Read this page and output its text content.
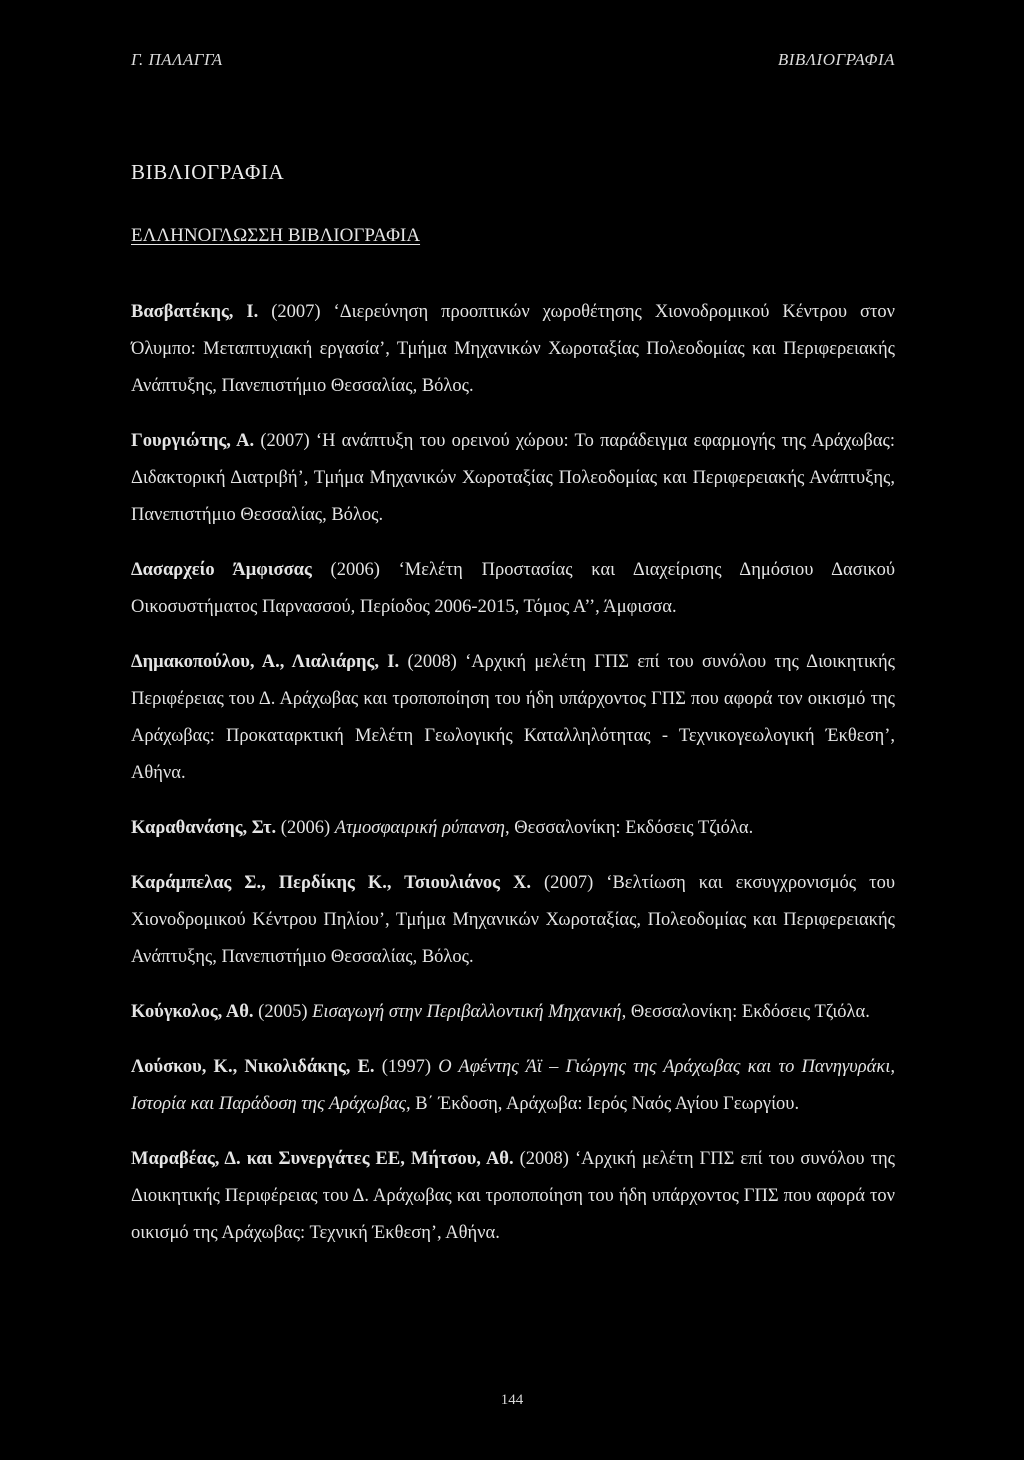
Γ. ΠΑΛΑΓΓΑ	ΒΙΒΛΙΟΓΡΑΦΙΑ
ΒΙΒΛΙΟΓΡΑΦΙΑ
ΕΛΛΗΝΟΓΛΩΣΣΗ ΒΙΒΛΙΟΓΡΑΦΙΑ

Βασβατέκης, Ι. (2007) ‘Διερεύνηση προοπτικών χωροθέτησης Χιονοδρομικού Κέντρου στον Όλυμπο: Μεταπτυχιακή εργασία’, Τμήμα Μηχανικών Χωροταξίας Πολεοδομίας και Περιφερειακής Ανάπτυξης, Πανεπιστήμιο Θεσσαλίας, Βόλος.

Γουργιώτης, Α. (2007) ‘Η ανάπτυξη του ορεινού χώρου: Το παράδειγμα εφαρμογής της Αράχωβας: Διδακτορική Διατριβή’, Τμήμα Μηχανικών Χωροταξίας Πολεοδομίας και Περιφερειακής Ανάπτυξης, Πανεπιστήμιο Θεσσαλίας, Βόλος.

Δασαρχείο Άμφισσας (2006) ‘Μελέτη Προστασίας και Διαχείρισης Δημόσιου Δασικού Οικοσυστήματος Παρνασσού, Περίοδος 2006-2015, Τόμος Α’’, Άμφισσα.

Δημακοπούλου, Α., Λιαλιάρης, Ι. (2008) ‘Αρχική μελέτη ΓΠΣ επί του συνόλου της Διοικητικής Περιφέρειας του Δ. Αράχωβας και τροποποίηση του ήδη υπάρχοντος ΓΠΣ που αφορά τον οικισμό της Αράχωβας: Προκαταρκτική Μελέτη Γεωλογικής Καταλληλότητας - Τεχνικογεωλογική Έκθεση’, Αθήνα.

Καραθανάσης, Στ. (2006) Ατμοσφαιρική ρύπανση, Θεσσαλονίκη: Εκδόσεις Τζιόλα.

Καράμπελας Σ., Περδίκης Κ., Τσιουλιάνος Χ. (2007) ‘Βελτίωση και εκσυγχρονισμός του Χιονοδρομικού Κέντρου Πηλίου’, Τμήμα Μηχανικών Χωροταξίας, Πολεοδομίας και Περιφερειακής Ανάπτυξης, Πανεπιστήμιο Θεσσαλίας, Βόλος.

Κούγκολος, Αθ. (2005) Εισαγωγή στην Περιβαλλοντική Μηχανική, Θεσσαλονίκη: Εκδόσεις Τζιόλα.

Λούσκου, Κ., Νικολιδάκης, Ε. (1997) Ο Αφέντης Άϊ – Γιώργης της Αράχωβας και το Πανηγυράκι, Ιστορία και Παράδοση της Αράχωβας, Β΄ Έκδοση, Αράχωβα: Ιερός Ναός Αγίου Γεωργίου.

Μαραβέας, Δ. και Συνεργάτες ΕΕ, Μήτσου, Αθ. (2008) ‘Αρχική μελέτη ΓΠΣ επί του συνόλου της Διοικητικής Περιφέρειας του Δ. Αράχωβας και τροποποίηση του ήδη υπάρχοντος ΓΠΣ που αφορά τον οικισμό της Αράχωβας: Τεχνική Έκθεση’, Αθήνα.

144
